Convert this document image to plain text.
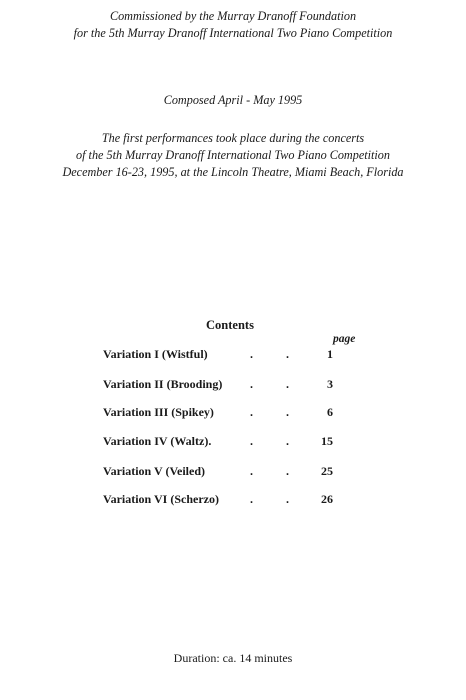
Commissioned by the Murray Dranoff Foundation
for the 5th Murray Dranoff International Two Piano Competition
Composed April - May 1995
The first performances took place during the concerts
of the 5th Murray Dranoff International Two Piano Competition
December 16-23, 1995, at the Lincoln Theatre, Miami Beach, Florida
Contents
page
Variation I (Wistful)	.	.	1
Variation II (Brooding) .	.	3
Variation III (Spikey)	.	.	6
Variation IV (Waltz).	.	.	15
Variation V (Veiled)	.	.	25
Variation VI (Scherzo)	.	.	26
Duration: ca. 14 minutes
